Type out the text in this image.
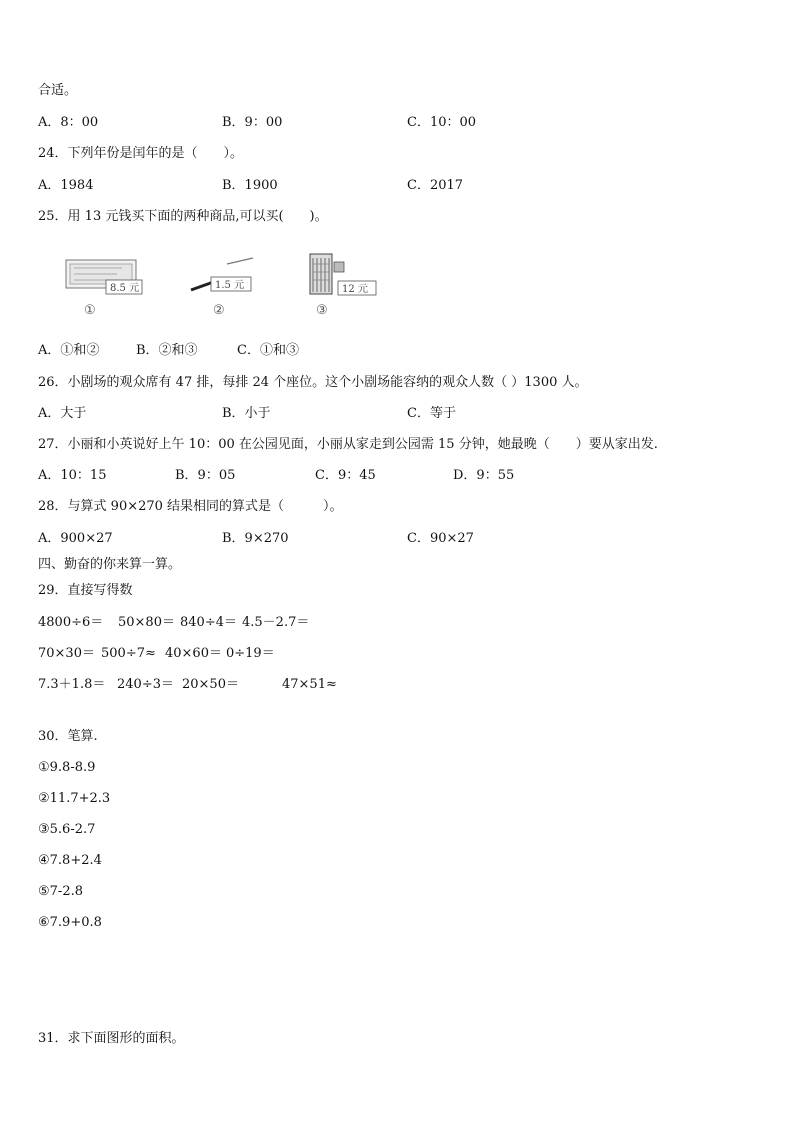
合适。
A．8：00	B．9：00	C．10：00
24．下列年份是闰年的是（　　）。
A．1984	B．1900	C．2017
25．用 13 元钱买下面的两种商品,可以买(　　)。
8.5 元
①
1.5 元
②
12 元
③
A．①和②	B．②和③	C．①和③
26．小剧场的观众席有 47 排，每排 24 个座位。这个小剧场能容纳的观众人数（ ）1300 人。
A．大于	B．小于	C．等于
27．小丽和小英说好上午 10：00 在公园见面，小丽从家走到公园需 15 分钟，她最晚（　　）要从家出发.
A．10：15	B．9：05	C．9：45	D．9：55
28．与算式 90×270 结果相同的算式是（　　　）。
A．900×27	B．9×270	C．90×27
四、勤奋的你来算一算。
29．直接写得数
4800÷6＝ 50×80＝ 840÷4＝ 4.5－2.7＝
70×30＝ 500÷7≈ 40×60＝ 0÷19＝
7.3＋1.8＝ 240÷3＝ 20×50＝	47×51≈
30．笔算.
①9.8-8.9
②11.7+2.3
③5.6-2.7
④7.8+2.4
⑤7-2.8
⑥7.9+0.8
31．求下面图形的面积。
